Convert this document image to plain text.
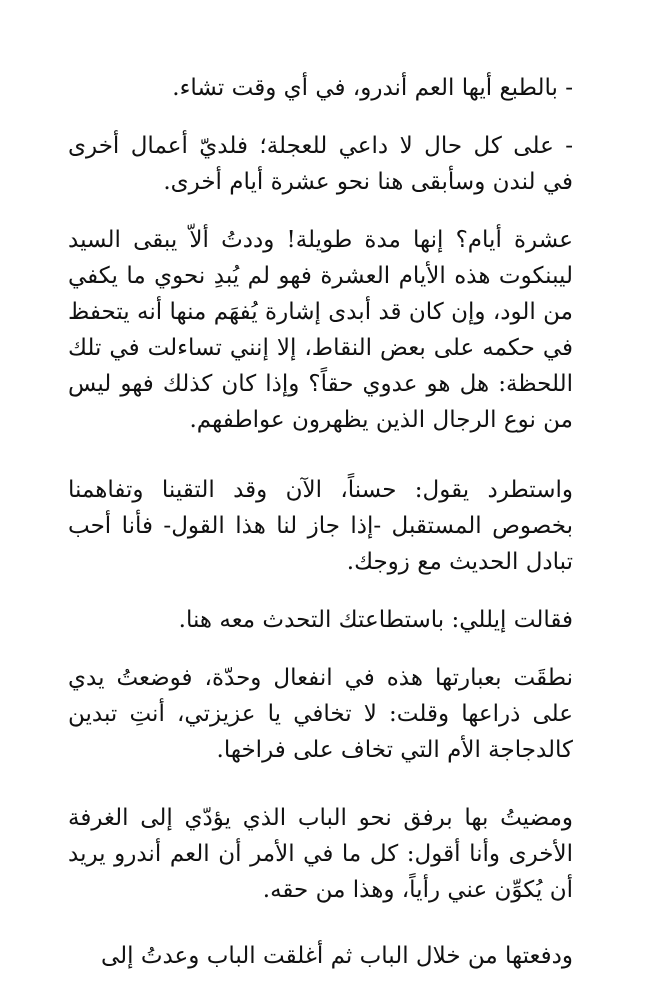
- بالطبع أيها العم أندرو، في أي وقت تشاء.

- على كل حال لا داعي للعجلة؛ فلديّ أعمال أخرى في لندن وسأبقى هنا نحو عشرة أيام أخرى.

عشرة أيام؟ إنها مدة طويلة! وددتُ ألاّ يبقى السيد ليبنكوت هذه الأيام العشرة فهو لم يُبدِ نحوي ما يكفي من الود، وإن كان قد أبدى إشارة يُفهَم منها أنه يتحفظ في حكمه على بعض النقاط، إلا إنني تساءلت في تلك اللحظة: هل هو عدوي حقاً؟ وإذا كان كذلك فهو ليس من نوع الرجال الذين يظهرون عواطفهم.

واستطرد يقول: حسناً، الآن وقد التقينا وتفاهمنا بخصوص المستقبل -إذا جاز لنا هذا القول- فأنا أحب تبادل الحديث مع زوجك.

فقالت إيللي: باستطاعتك التحدث معه هنا.

نطقَت بعبارتها هذه في انفعال وحدّة، فوضعتُ يدي على ذراعها وقلت: لا تخافي يا عزيزتي، أنتِ تبدين كالدجاجة الأم التي تخاف على فراخها.

ومضيتُ بها برفق نحو الباب الذي يؤدّي إلى الغرفة الأخرى وأنا أقول: كل ما في الأمر أن العم أندرو يريد أن يُكوِّن عني رأياً، وهذا من حقه.

ودفعتها من خلال الباب ثم أغلقت الباب وعدتُ إلى
